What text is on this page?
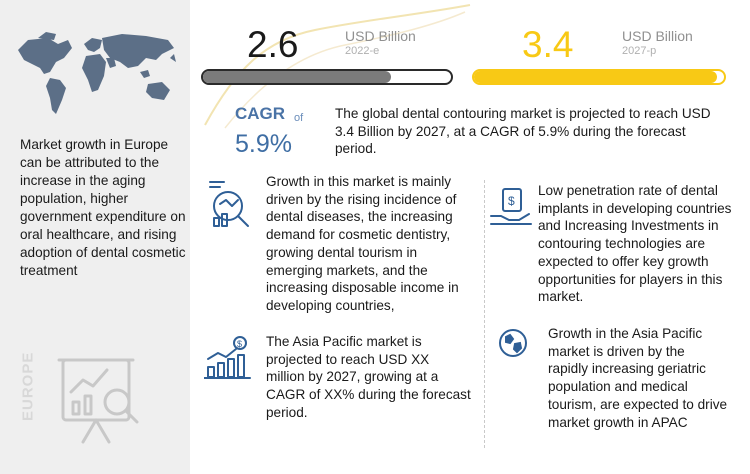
Market growth in Europe can be attributed to the increase in the aging population, higher government expenditure on oral healthcare, and rising adoption of dental cosmetic treatment

EUROPE
2.6	USD Billion
2022-e	3.4	USD Billion
2027-p
CAGR of
5.9%

The global dental contouring market is projected to reach USD 3.4 Billion by 2027, at a CAGR of 5.9% during the forecast period.

Growth in this market is mainly driven by the rising incidence of dental diseases, the increasing demand for cosmetic dentistry, growing dental tourism in emerging markets, and the increasing disposable income in developing countries,

$

Low penetration rate of dental implants in developing countries and Increasing Investments in contouring technologies are expected to offer key growth opportunities for players in this market.

$ The Asia Pacific market is projected to reach USD XX million by 2027, growing at a CAGR of XX% during the forecast period.

Growth in the Asia Pacific market is driven by the rapidly increasing geriatric population and medical tourism, are expected to drive market growth in APAC
